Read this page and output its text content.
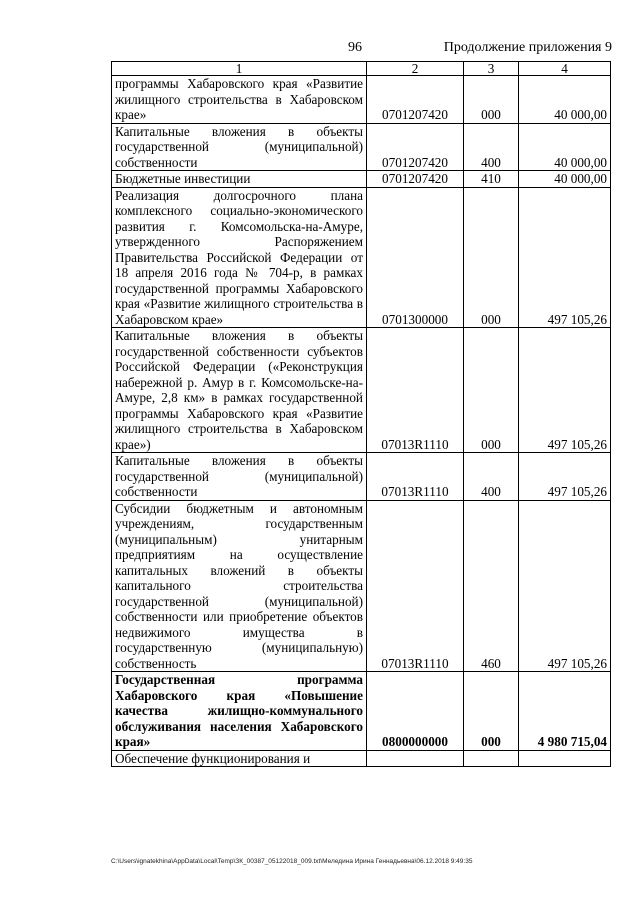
96	Продолжение приложения 9
1	2	3	4
программы Хабаровского края «Развитие жилищного строительства в Хабаровском крае»	0701207420	000	40 000,00
Капитальные вложения в объекты государственной (муниципальной) собственности	0701207420	400	40 000,00
Бюджетные инвестиции	0701207420	410	40 000,00
Реализация долгосрочного плана комплексного социально-экономического развития г. Комсомольска-на-Амуре, утвержденного Распоряжением Правительства Российской Федерации от 18 апреля 2016 года № 704-р, в рамках государственной программы Хабаровского края «Развитие жилищного строительства в Хабаровском крае»	0701300000	000	497 105,26
Капитальные вложения в объекты государственной собственности субъектов Российской Федерации («Реконструкция набережной р. Амур в г. Комсомольске-на-Амуре, 2,8 км» в рамках государственной программы Хабаровского края «Развитие жилищного строительства в Хабаровском крае»)	07013R1110	000	497 105,26
Капитальные вложения в объекты государственной (муниципальной) собственности	07013R1110	400	497 105,26
Субсидии бюджетным и автономным учреждениям, государственным (муниципальным) унитарным предприятиям на осуществление капитальных вложений в объекты капитального строительства государственной (муниципальной) собственности или приобретение объектов недвижимого имущества в государственную (муниципальную) собственность	07013R1110	460	497 105,26
Государственная программа Хабаровского края «Повышение качества жилищно-коммунального обслуживания населения Хабаровского края»	0800000000	000	4 980 715,04
Обеспечение функционирования и			
C:\Users\ignatekhina\AppData\Local\Temp\ЗК_00387_05122018_009.txt\Меледина Ирина Геннадьевна\06.12.2018 9:49:35
